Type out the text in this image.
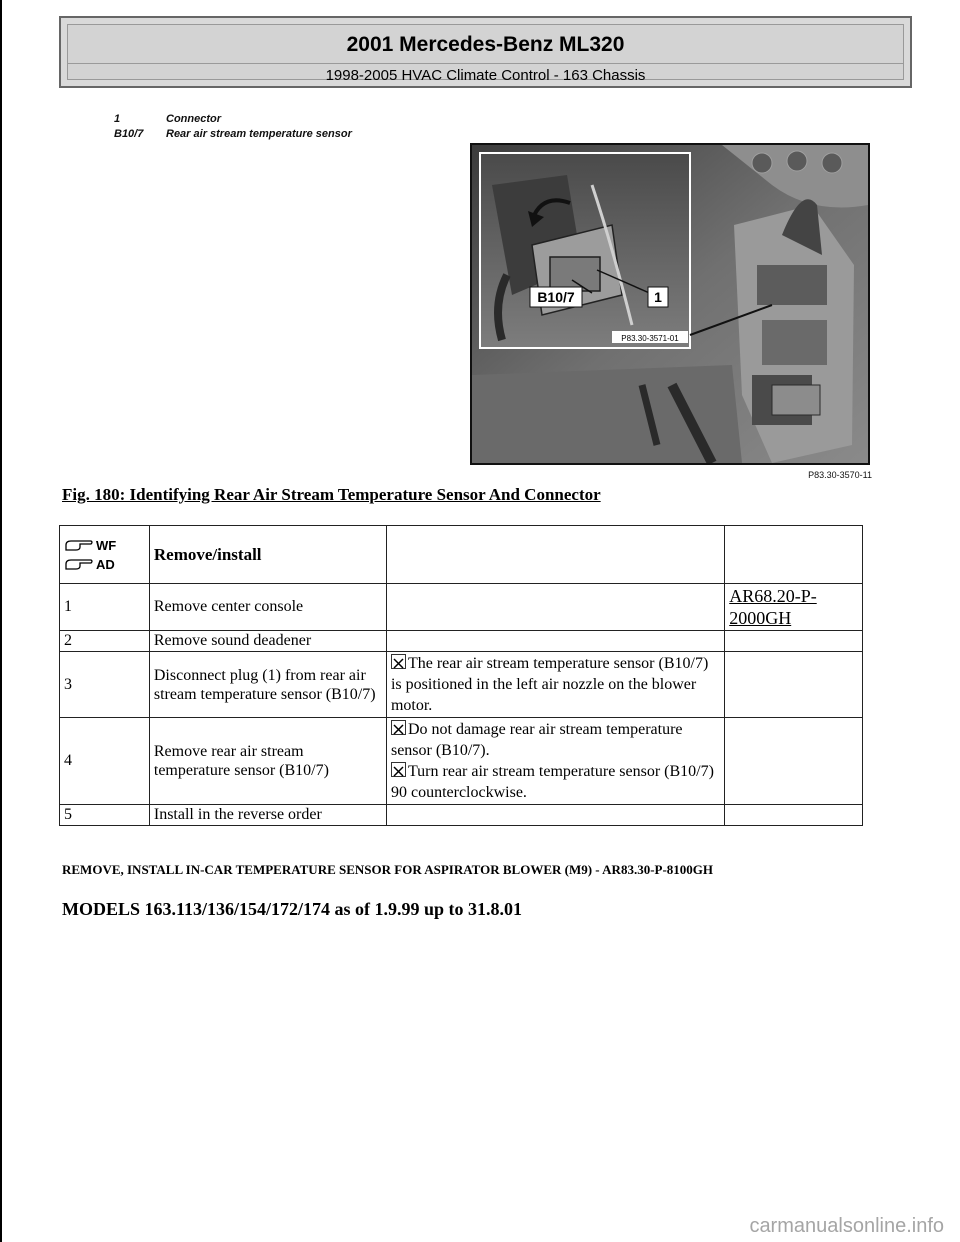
2001 Mercedes-Benz ML320
1998-2005 HVAC Climate Control - 163 Chassis
1	Connector
B10/7	Rear air stream temperature sensor
B10/7	1
P83.30-3571-01
P83.30-3570-11
Fig. 180: Identifying Rear Air Stream Temperature Sensor And Connector
WF
AD	Remove/install		
1	Remove center console		AR68.20-P-2000GH
2	Remove sound deadener		
3	Disconnect plug (1) from rear air stream temperature sensor (B10/7)	The rear air stream temperature sensor (B10/7) is positioned in the left air nozzle on the blower motor.	

4	Remove rear air stream temperature sensor (B10/7)	Do not damage rear air stream temperature sensor (B10/7).
Turn rear air stream temperature sensor (B10/7) 90 counterclockwise.	

5	Install in the reverse order		
REMOVE, INSTALL IN-CAR TEMPERATURE SENSOR FOR ASPIRATOR BLOWER (M9) - AR83.30-P-8100GH
MODELS 163.113/136/154/172/174 as of 1.9.99 up to 31.8.01
carmanualsonline.info
